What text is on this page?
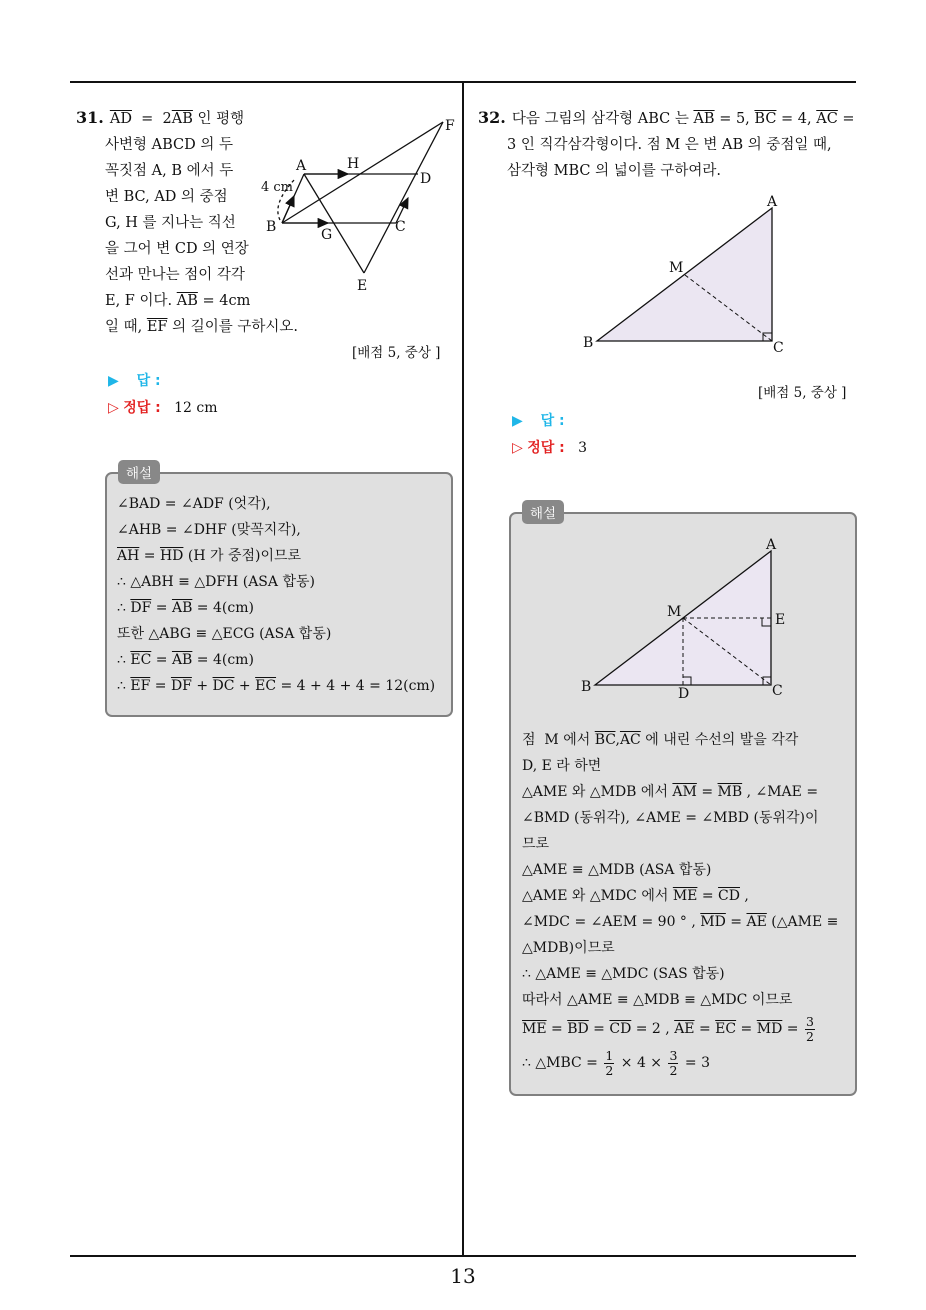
13
31. $\overline{AD} = 2\overline{AB}$ 인 평행
사변형 ABCD 의 두
꼭짓점 A, B 에서 두
변 BC, AD 의 중점
G, H 를 지나는 직선
을 그어 변 CD 의 연장
선과 만나는 점이 각각
E, F 이다. $\overline{AB} = 4cm$
일 때, $\overline{EF}$ 의 길이를 구하시오.
A	H
F
D
B	G	C
E
4 cm
[배점 5, 중상 ]
▶ 답 :
▷ 정답 : 12 cm
해설
∠BAD = ∠ADF (엇각),
∠AHB = ∠DHF (맞꼭지각),
$\overline{AH} = \overline{HD}$ (H 가 중점)이므로
∴ △ABH ≡ △DFH (ASA 합동)
∴ $\overline{DF} = \overline{AB} = 4(cm)$
또한 △ABG ≡ △ECG (ASA 합동)
∴ $\overline{EC} = \overline{AB} = 4(cm)$
∴ $\overline{EF} = \overline{DF} + \overline{DC} + \overline{EC} = 4 + 4 + 4 = 12(cm)$
32. 다음 그림의 삼각형 ABC 는 $\overline{AB} = 5$, $\overline{BC} = 4$, $\overline{AC}$ =
3 인 직각삼각형이다. 점 M 은 변 AB 의 중점일 때,
삼각형 MBC 의 넓이를 구하여라.
A
M
B	C
[배점 5, 중상 ]
▶ 답 :
▷ 정답 : 3
해설
A
M	E
B	D	C
점  M 에서 $\overline{BC},\overline{AC}$ 에 내린 수선의 발을 각각
D, E 라 하면
△AME 와 △MDB 에서 $\overline{AM} = \overline{MB}$ , ∠MAE =
∠BMD (동위각), ∠AME = ∠MBD (동위각)이
므로
△AME ≡ △MDB (ASA 합동)
△AME 와 △MDC 에서 $\overline{ME} = \overline{CD}$ ,
∠MDC = ∠AEM = 90 ° , $\overline{MD} = \overline{AE}$ (△AME ≡
△MDB)이므로
∴ △AME ≡ △MDC (SAS 합동)
따라서 △AME ≡ △MDB ≡ △MDC 이므로
$\overline{ME} = \overline{BD} = \overline{CD} = 2$ , $\overline{AE} = \overline{EC} = \overline{MD} = \frac{3}{2}$
∴ △MBC = $\frac{1}{2} \times 4 \times \frac{3}{2} = 3$
